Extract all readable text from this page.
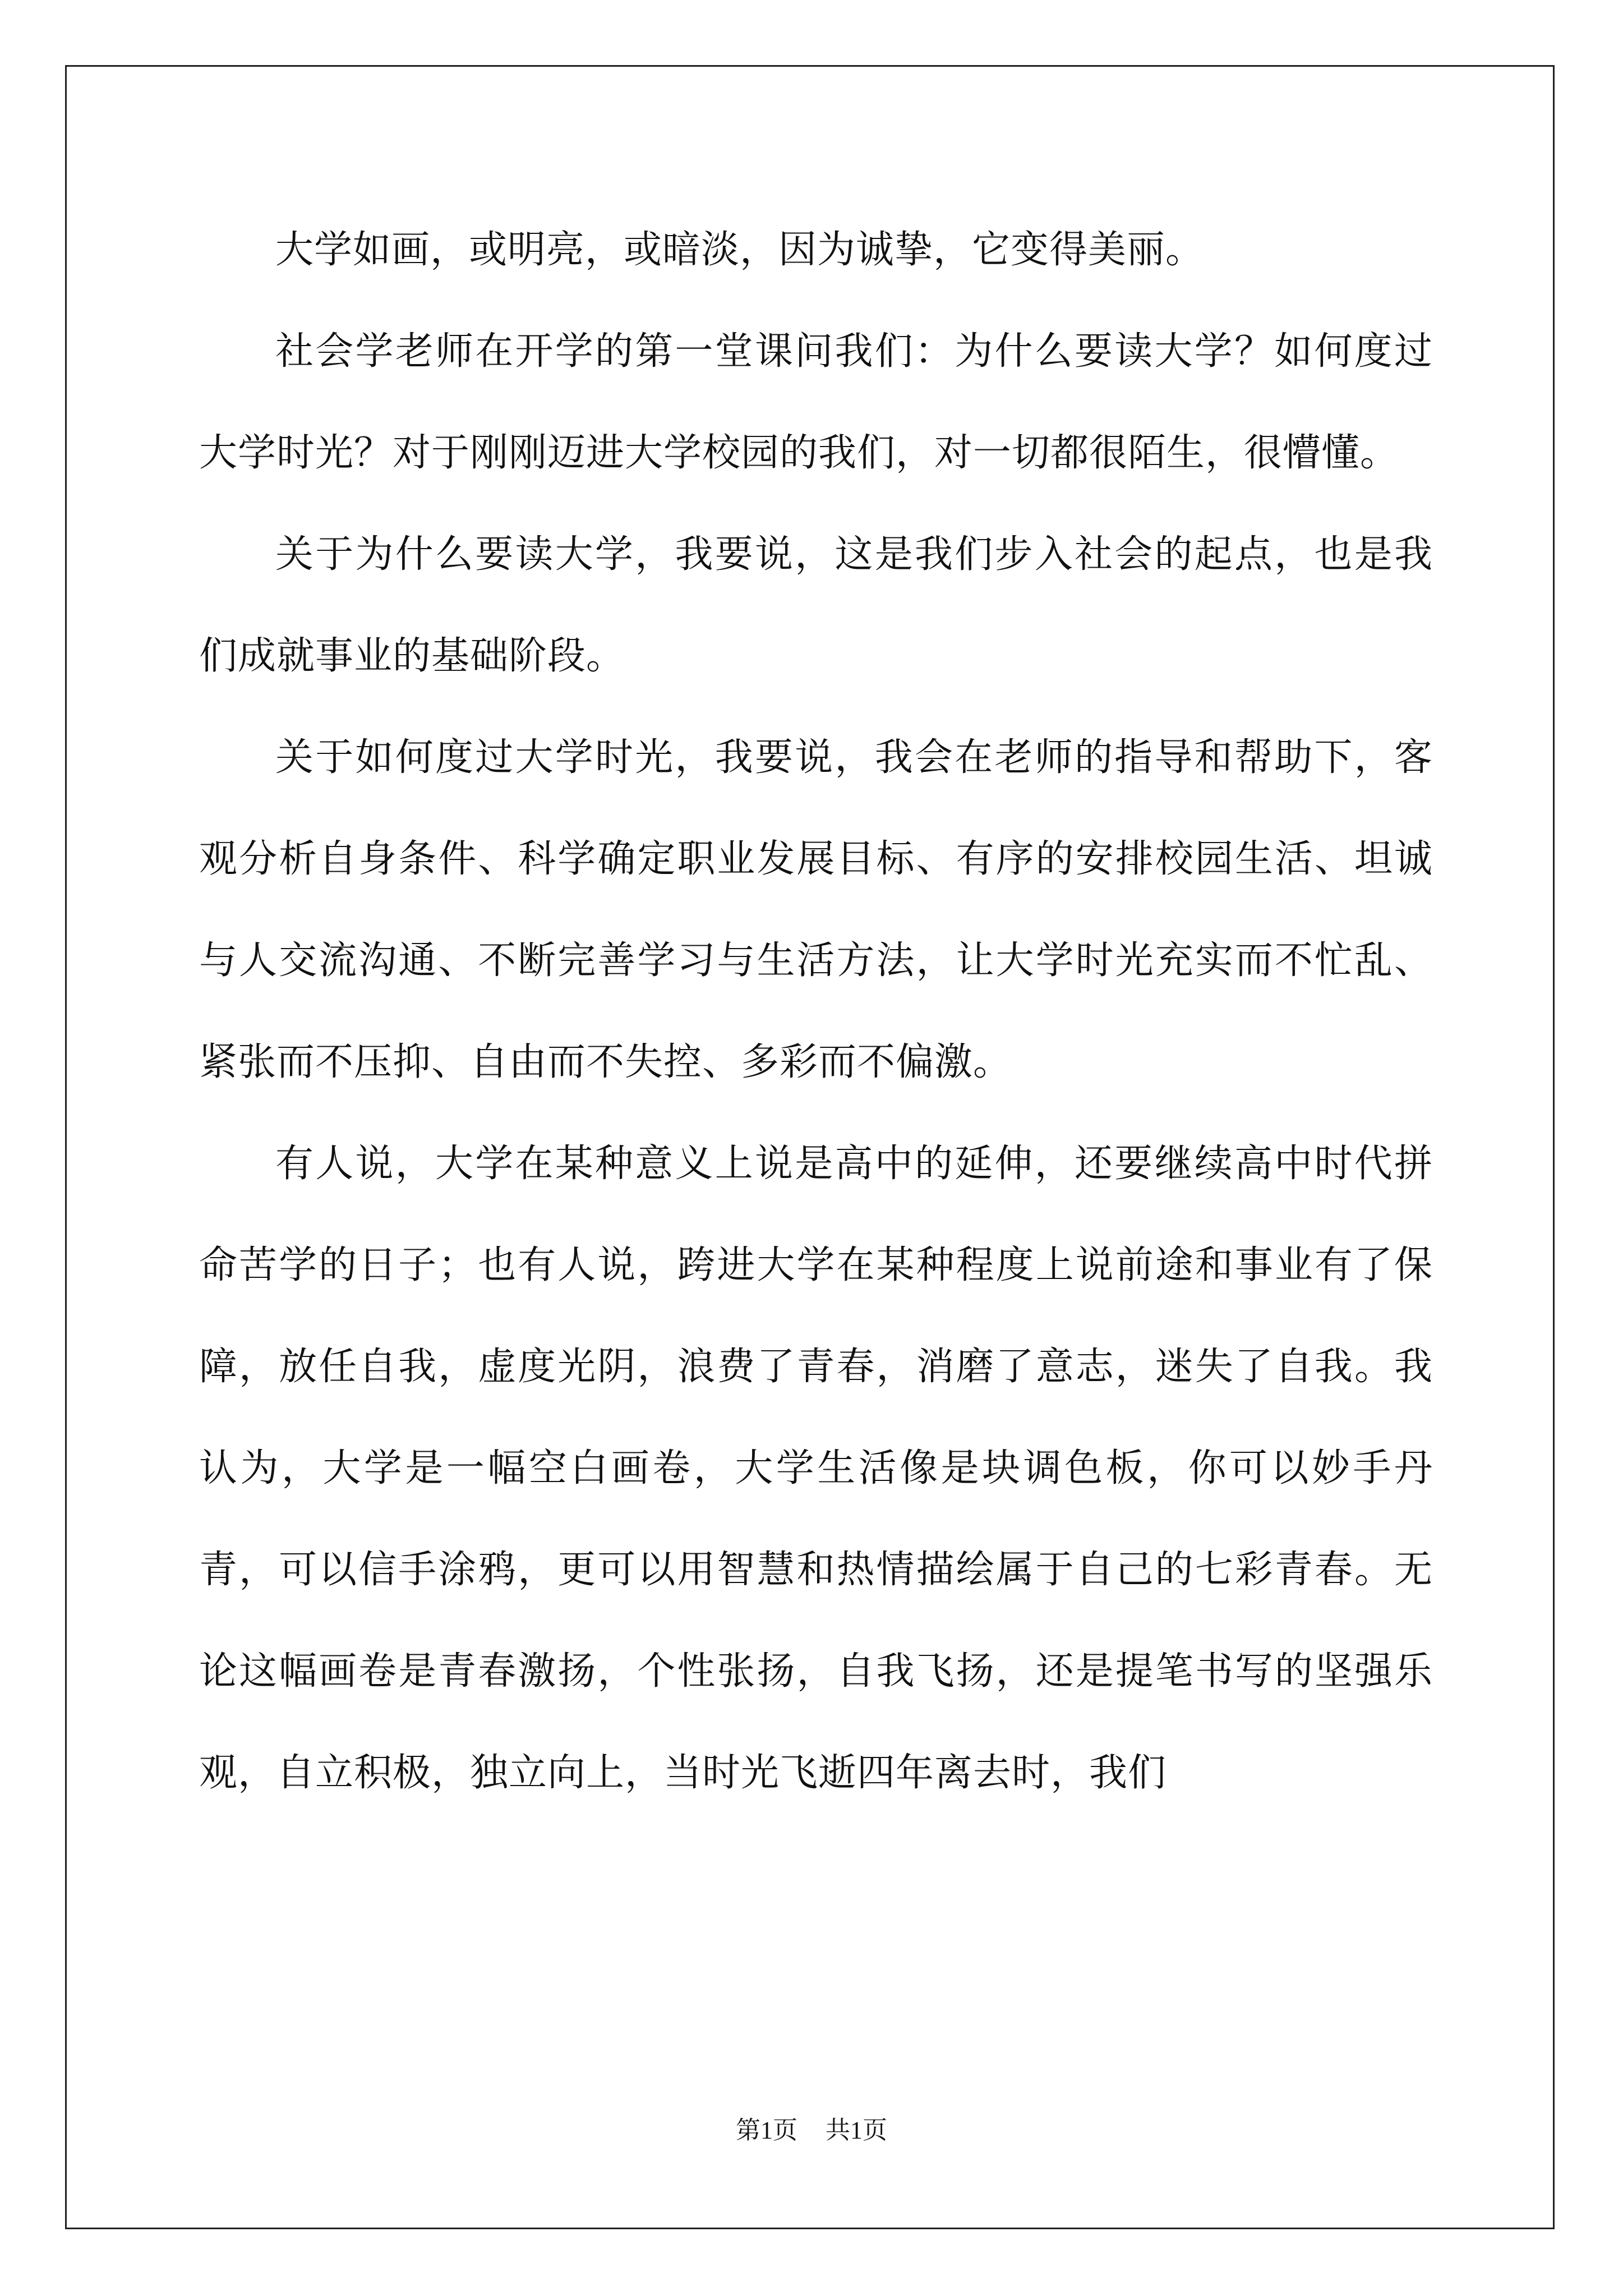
大学如画，或明亮，或暗淡，因为诚挚，它变得美丽。

社会学老师在开学的第一堂课问我们：为什么要读大学？如何度过大学时光？对于刚刚迈进大学校园的我们，对一切都很陌生，很懵懂。

关于为什么要读大学，我要说，这是我们步入社会的起点，也是我们成就事业的基础阶段。

关于如何度过大学时光，我要说，我会在老师的指导和帮助下，客观分析自身条件、科学确定职业发展目标、有序的安排校园生活、坦诚与人交流沟通、不断完善学习与生活方法，让大学时光充实而不忙乱、紧张而不压抑、自由而不失控、多彩而不偏激。

有人说，大学在某种意义上说是高中的延伸，还要继续高中时代拼命苦学的日子；也有人说，跨进大学在某种程度上说前途和事业有了保障，放任自我，虚度光阴，浪费了青春，消磨了意志，迷失了自我。我认为，大学是一幅空白画卷，大学生活像是块调色板，你可以妙手丹青，可以信手涂鸦，更可以用智慧和热情描绘属于自己的七彩青春。无论这幅画卷是青春激扬，个性张扬，自我飞扬，还是提笔书写的坚强乐观，自立积极，独立向上，当时光飞逝四年离去时，我们

第1页 共1页
